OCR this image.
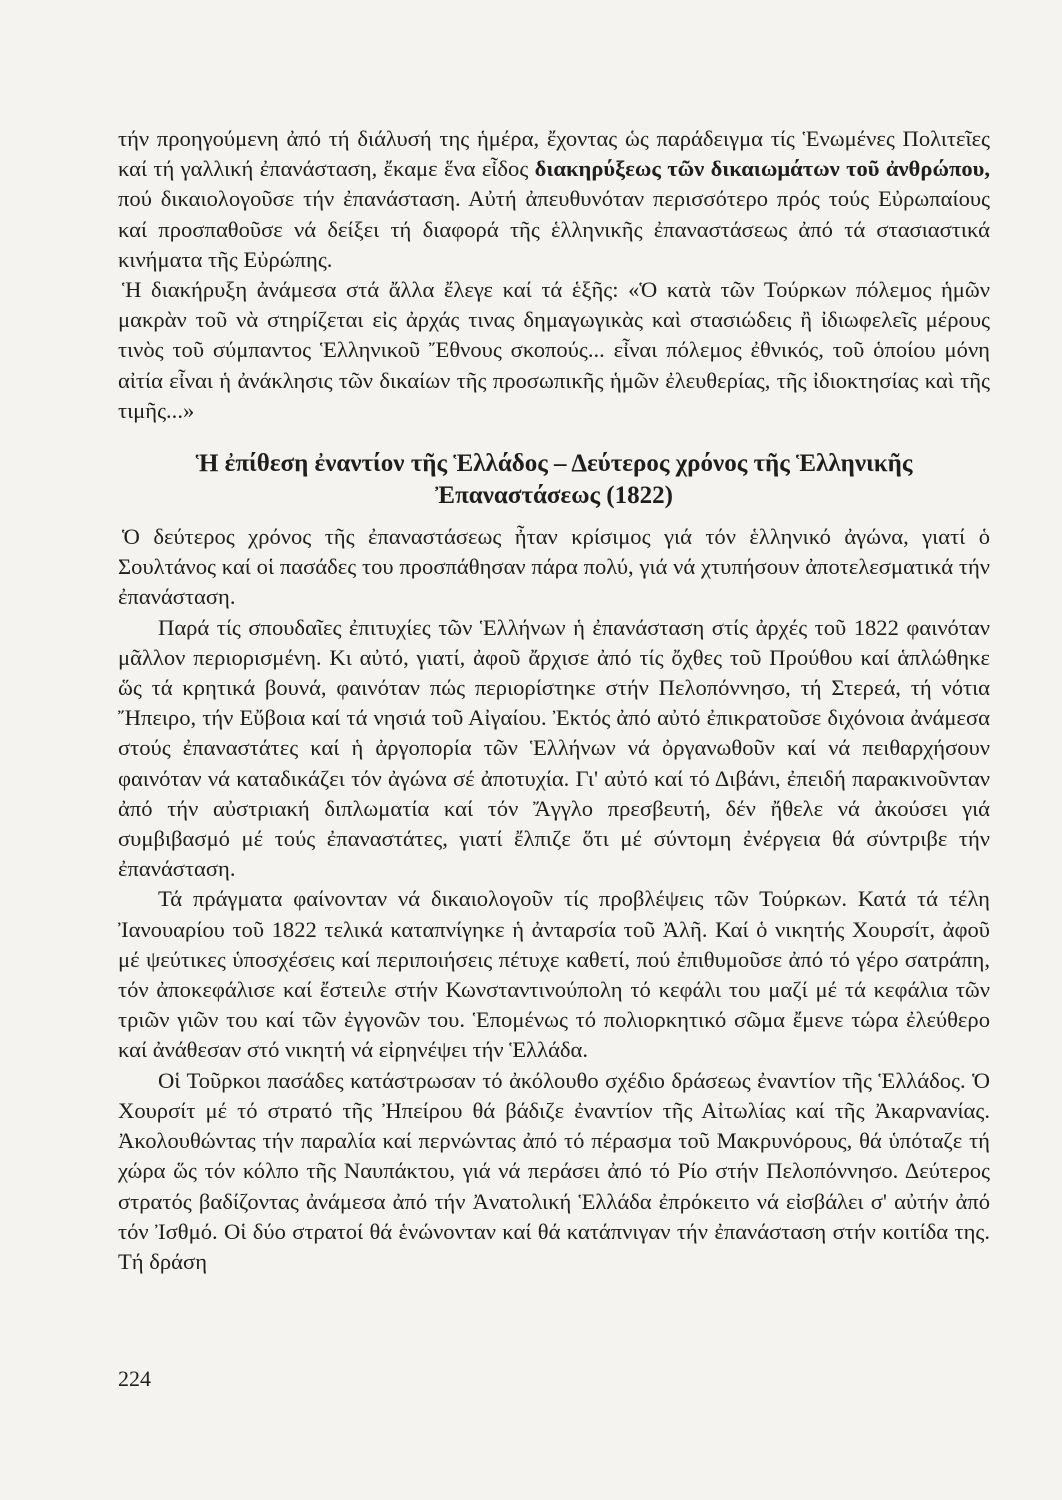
τήν προηγούμενη ἀπό τή διάλυσή της ἡμέρα, ἔχοντας ὡς παράδειγμα τίς Ἑνωμένες Πολιτεῖες καί τή γαλλική ἐπανάσταση, ἔκαμε ἕνα εἶδος διακηρύξεως τῶν δικαιωμάτων τοῦ ἀνθρώπου, πού δικαιολογοῦσε τήν ἐπανάσταση. Αὐτή ἀπευθυνόταν περισσότερο πρός τούς Εὐρωπαίους καί προσπαθοῦσε νά δείξει τή διαφορά τῆς ἑλληνικῆς ἐπαναστάσεως ἀπό τά στασιαστικά κινήματα τῆς Εὐρώπης.

Ἡ διακήρυξη ἀνάμεσα στά ἄλλα ἔλεγε καί τά ἑξῆς: «Ὁ κατὰ τῶν Τούρκων πόλεμος ἡμῶν μακρὰν τοῦ νὰ στηρίζεται εἰς ἀρχάς τινας δημαγωγικὰς καὶ στασιώδεις ἢ ἰδιωφελεῖς μέρους τινὸς τοῦ σύμπαντος Ἑλληνικοῦ Ἔθνους σκοπούς... εἶναι πόλεμος ἐθνικός, τοῦ ὁποίου μόνη αἰτία εἶναι ἡ ἀνάκλησις τῶν δικαίων τῆς προσωπικῆς ἡμῶν ἐλευθερίας, τῆς ἰδιοκτησίας καὶ τῆς τιμῆς...»

Ἡ ἐπίθεση ἐναντίον τῆς Ἑλλάδος – Δεύτερος χρόνος τῆς Ἑλληνικῆς
Ἐπαναστάσεως (1822)

Ὁ δεύτερος χρόνος τῆς ἐπαναστάσεως ἦταν κρίσιμος γιά τόν ἑλληνικό ἀγώνα, γιατί ὁ Σουλτάνος καί οἱ πασάδες του προσπάθησαν πάρα πολύ, γιά νά χτυπήσουν ἀποτελεσματικά τήν ἐπανάσταση.

Παρά τίς σπουδαῖες ἐπιτυχίες τῶν Ἑλλήνων ἡ ἐπανάσταση στίς ἀρχές τοῦ 1822 φαινόταν μᾶλλον περιορισμένη. Κι αὐτό, γιατί, ἀφοῦ ἄρχισε ἀπό τίς ὄχθες τοῦ Προύθου καί ἁπλώθηκε ὥς τά κρητικά βουνά, φαινόταν πώς περιορίστηκε στήν Πελοπόννησο, τή Στερεά, τή νότια Ἤπειρο, τήν Εὔβοια καί τά νησιά τοῦ Αἰγαίου. Ἐκτός ἀπό αὐτό ἐπικρατοῦσε διχόνοια ἀνάμεσα στούς ἐπαναστάτες καί ἡ ἀργοπορία τῶν Ἑλλήνων νά ὀργανωθοῦν καί νά πειθαρχήσουν φαινόταν νά καταδικάζει τόν ἀγώνα σέ ἀποτυχία. Γι' αὐτό καί τό Διβάνι, ἐπειδή παρακινοῦνταν ἀπό τήν αὐστριακή διπλωματία καί τόν Ἄγγλο πρεσβευτή, δέν ἤθελε νά ἀκούσει γιά συμβιβασμό μέ τούς ἐπαναστάτες, γιατί ἔλπιζε ὅτι μέ σύντομη ἐνέργεια θά σύντριβε τήν ἐπανάσταση.

Τά πράγματα φαίνονταν νά δικαιολογοῦν τίς προβλέψεις τῶν Τούρκων. Κατά τά τέλη Ἰανουαρίου τοῦ 1822 τελικά καταπνίγηκε ἡ ἀνταρσία τοῦ Ἀλῆ. Καί ὁ νικητής Χουρσίτ, ἀφοῦ μέ ψεύτικες ὑποσχέσεις καί περιποιήσεις πέτυχε καθετί, πού ἐπιθυμοῦσε ἀπό τό γέρο σατράπη, τόν ἀποκεφάλισε καί ἔστειλε στήν Κωνσταντινούπολη τό κεφάλι του μαζί μέ τά κεφάλια τῶν τριῶν γιῶν του καί τῶν ἐγγονῶν του. Ἑπομένως τό πολιορκητικό σῶμα ἔμενε τώρα ἐλεύθερο καί ἀνάθεσαν στό νικητή νά εἰρηνέψει τήν Ἑλλάδα.

Οἱ Τοῦρκοι πασάδες κατάστρωσαν τό ἀκόλουθο σχέδιο δράσεως ἐναντίον τῆς Ἑλλάδος. Ὁ Χουρσίτ μέ τό στρατό τῆς Ἠπείρου θά βάδιζε ἐναντίον τῆς Αἰτωλίας καί τῆς Ἀκαρνανίας. Ἀκολουθώντας τήν παραλία καί περνώντας ἀπό τό πέρασμα τοῦ Μακρυνόρους, θά ὑπόταζε τή χώρα ὥς τόν κόλπο τῆς Ναυπάκτου, γιά νά περάσει ἀπό τό Ρίο στήν Πελοπόννησο. Δεύτερος στρατός βαδίζοντας ἀνάμεσα ἀπό τήν Ἀνατολική Ἑλλάδα ἐπρόκειτο νά εἰσβάλει σ' αὐτήν ἀπό τόν Ἰσθμό. Οἱ δύο στρατοί θά ἑνώνονταν καί θά κατάπνιγαν τήν ἐπανάσταση στήν κοιτίδα της. Τή δράση

224
